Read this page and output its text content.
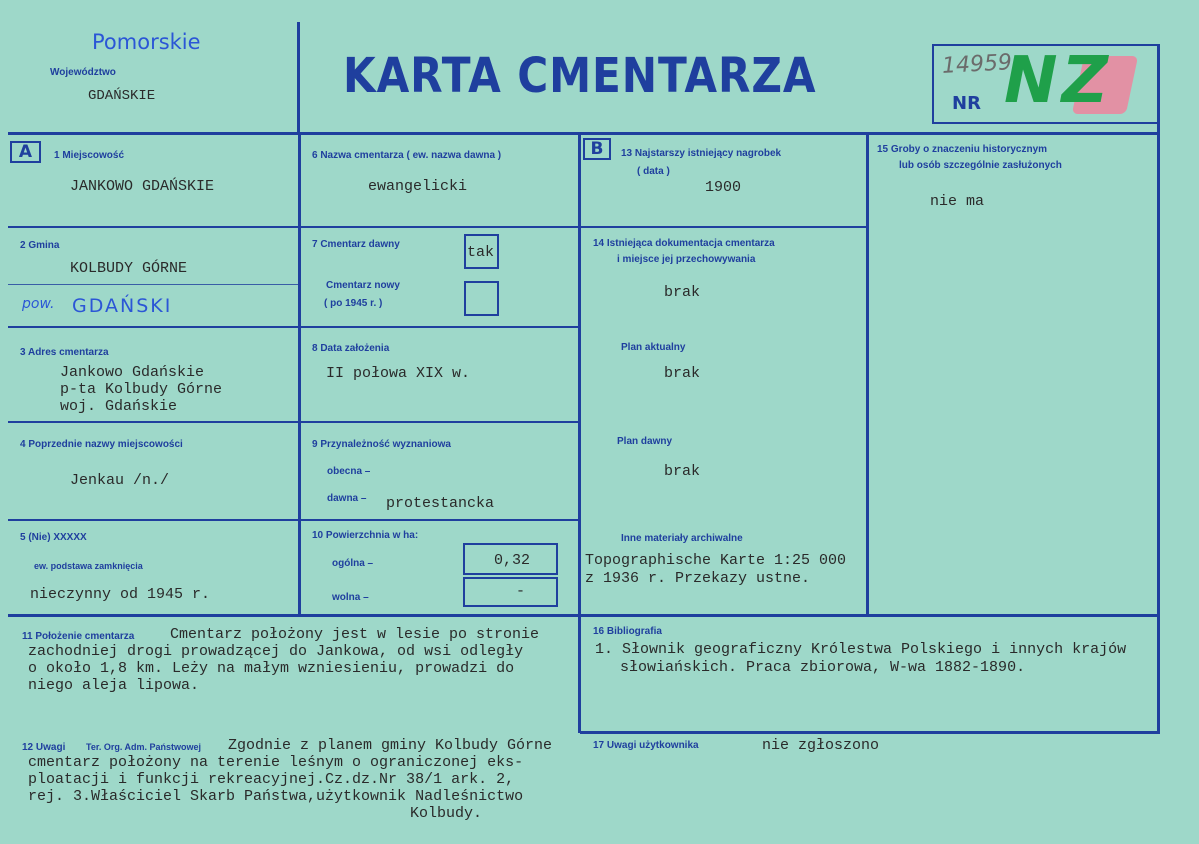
Pomorskie
Województwo
GDAŃSKIE	KARTA CMENTARZA	NR
14959
NZ
A	B
1 Miejscowość
JANKOWO GDAŃSKIE
2 Gmina
KOLBUDY GÓRNE
pow. GDAŃSKI
3 Adres cmentarza
Jankowo Gdańskie
p-ta Kolbudy Górne
woj. Gdańskie
4 Poprzednie nazwy miejscowości
Jenkau /n./
5 (Nie) XXXXX
ew. podstawa zamknięcia
nieczynny od 1945 r.
6 Nazwa cmentarza ( ew. nazwa dawna )
ewangelicki
7 Cmentarz dawny	tak
Cmentarz nowy
( po 1945 r. )
8 Data założenia
II połowa XIX w.
9 Przynależność wyznaniowa
obecna –
dawna – protestancka
10 Powierzchnia w ha:
ogólna –	0,32
wolna –	-
13 Najstarszy istniejący nagrobek
( data )
1900
14 Istniejąca dokumentacja cmentarza
i miejsce jej przechowywania
brak
Plan aktualny
brak
Plan dawny
brak
Inne materiały archiwalne
Topographische Karte 1:25 000
z 1936 r. Przekazy ustne.
15 Groby o znaczeniu historycznym
lub osób szczególnie zasłużonych
nie ma
11 Położenie cmentarza Cmentarz położony jest w lesie po stronie
zachodniej drogi prowadzącej do Jankowa, od wsi odległy
o około 1,8 km. Leży na małym wzniesieniu, prowadzi do
niego aleja lipowa.
16 Bibliografia
1. Słownik geograficzny Królestwa Polskiego i innych krajów
słowiańskich. Praca zbiorowa, W-wa 1882-1890.
12 Uwagi Ter. Org. Adm. Państwowej Zgodnie z planem gminy Kolbudy Górne
cmentarz położony na terenie leśnym o ograniczonej eks-
ploatacji i funkcji rekreacyjnej.Cz.dz.Nr 38/1 ark. 2,
rej. 3.Właściciel Skarb Państwa,użytkownik Nadleśnictwo
Kolbudy.
17 Uwagi użytkownika	nie zgłoszono
